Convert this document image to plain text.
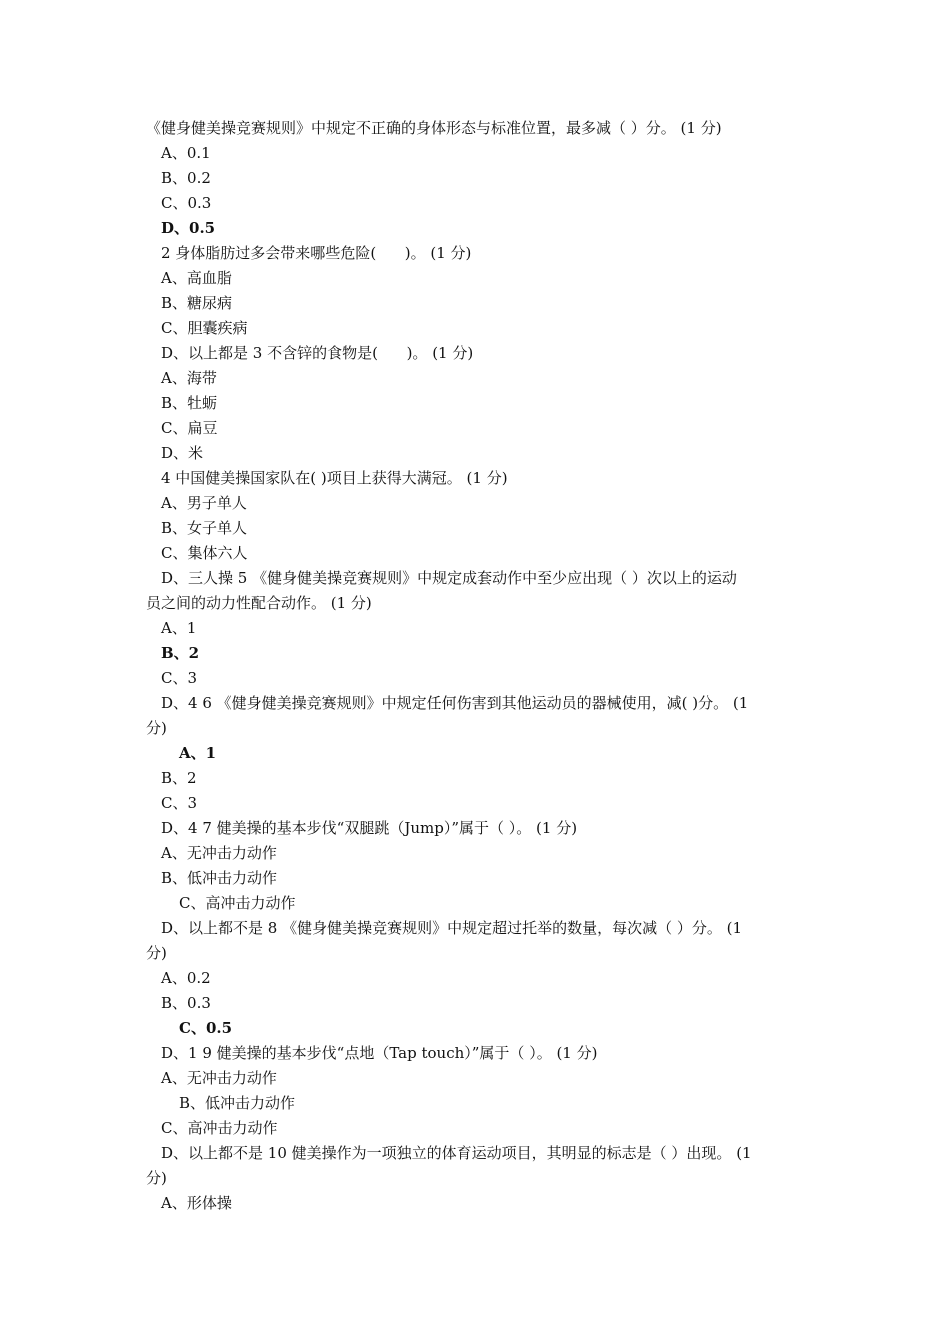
《健身健美操竞赛规则》中规定不正确的身体形态与标准位置，最多减（ ）分。 (1 分)
A、0.1
B、0.2
C、0.3
D、0.5
2 身体脂肪过多会带来哪些危险(      )。 (1 分)
A、高血脂
B、糖尿病
C、胆囊疾病
D、以上都是 3 不含锌的食物是(      )。 (1 分)
A、海带
B、牡蛎
C、扁豆
D、米
4 中国健美操国家队在( )项目上获得大满冠。 (1 分)
A、男子单人
B、女子单人
C、集体六人
D、三人操 5 《健身健美操竞赛规则》中规定成套动作中至少应出现（ ）次以上的运动
员之间的动力性配合动作。 (1 分)
A、1
B、2
C、3
D、4 6 《健身健美操竞赛规则》中规定任何伤害到其他运动员的器械使用，减( )分。 (1
分)
A、1
B、2
C、3
D、4 7 健美操的基本步伐“双腿跳（Jump）”属于（ ）。 (1 分)
A、无冲击力动作
B、低冲击力动作
C、高冲击力动作
D、以上都不是 8 《健身健美操竞赛规则》中规定超过托举的数量，每次减（ ）分。 (1
分)
A、0.2
B、0.3
C、0.5
D、1 9 健美操的基本步伐“点地（Tap touch）”属于（ ）。 (1 分)
A、无冲击力动作
B、低冲击力动作
C、高冲击力动作
D、以上都不是 10 健美操作为一项独立的体育运动项目，其明显的标志是（ ）出现。 (1
分)
A、形体操
